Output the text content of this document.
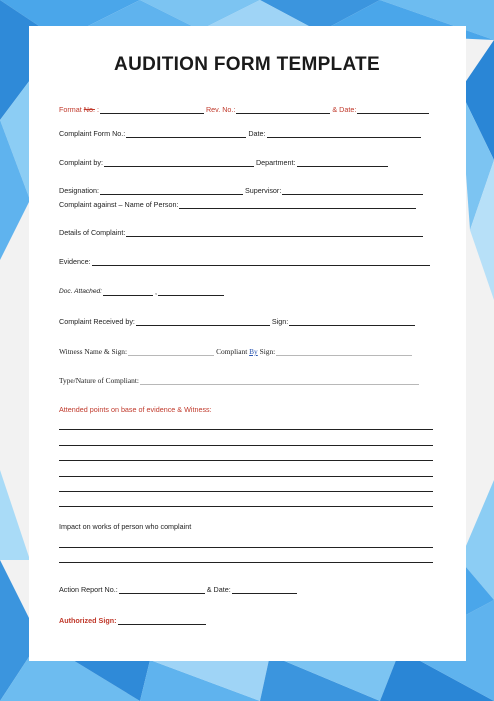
AUDITION FORM TEMPLATE
Format No. :	Rev. No.:	& Date:
Complaint Form No.:	Date:
Complaint by:	Department:
Designation:	Supervisor:
Complaint against – Name of Person:
Details of Complaint:
Evidence:
Doc. Attached:	,
Complaint Received by:	Sign:
Witness Name & Sign:	Compliant By Sign:
Type/Nature of Compliant:
Attended points on base of evidence & Witness:
Impact on works of person who complaint
Action Report No.:	& Date:
Authorized Sign:
